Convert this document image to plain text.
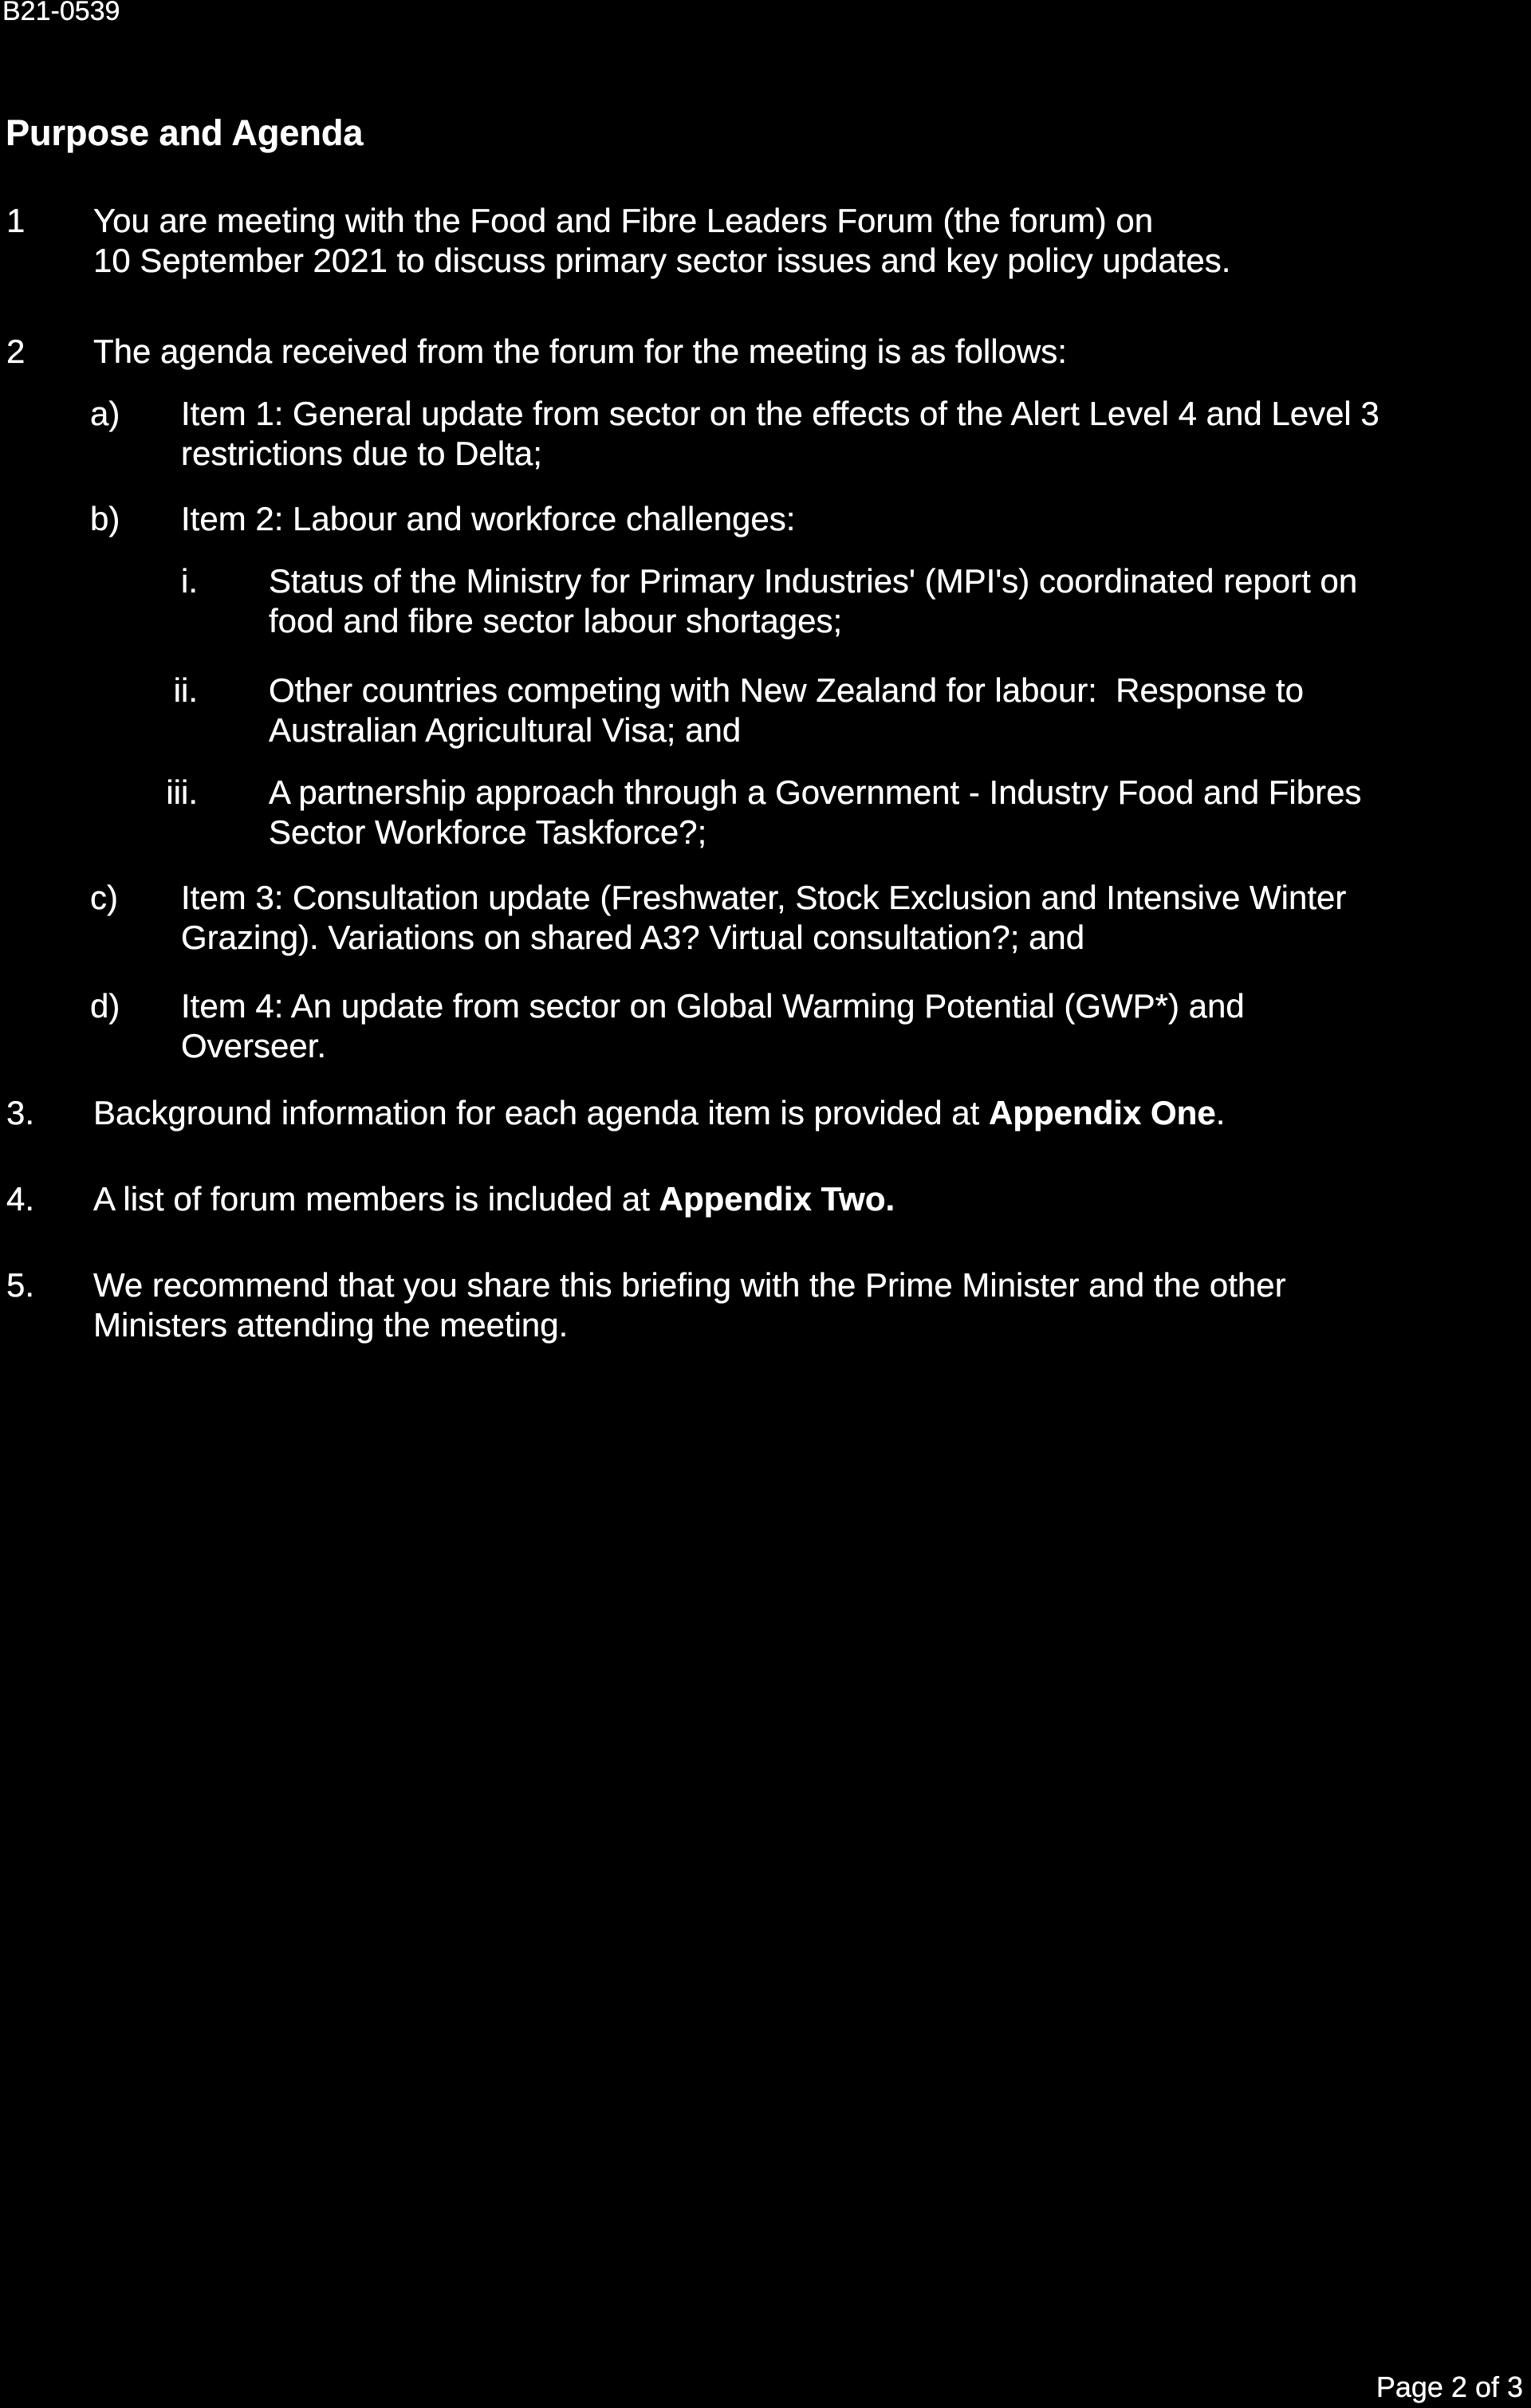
B21-0539
Purpose and Agenda
1 You are meeting with the Food and Fibre Leaders Forum (the forum) on
10 September 2021 to discuss primary sector issues and key policy updates.
2 The agenda received from the forum for the meeting is as follows:
a) Item 1: General update from sector on the effects of the Alert Level 4 and Level 3
restrictions due to Delta;
b) Item 2: Labour and workforce challenges:
i. Status of the Ministry for Primary Industries' (MPI's) coordinated report on
food and fibre sector labour shortages;
ii. Other countries competing with New Zealand for labour:  Response to
Australian Agricultural Visa; and
iii. A partnership approach through a Government - Industry Food and Fibres
Sector Workforce Taskforce?;
c) Item 3: Consultation update (Freshwater, Stock Exclusion and Intensive Winter
Grazing). Variations on shared A3? Virtual consultation?; and
d) Item 4: An update from sector on Global Warming Potential (GWP*) and
Overseer.
3. Background information for each agenda item is provided at Appendix One.
4. A list of forum members is included at Appendix Two.
5. We recommend that you share this briefing with the Prime Minister and the other
Ministers attending the meeting.
Page 2 of 3
